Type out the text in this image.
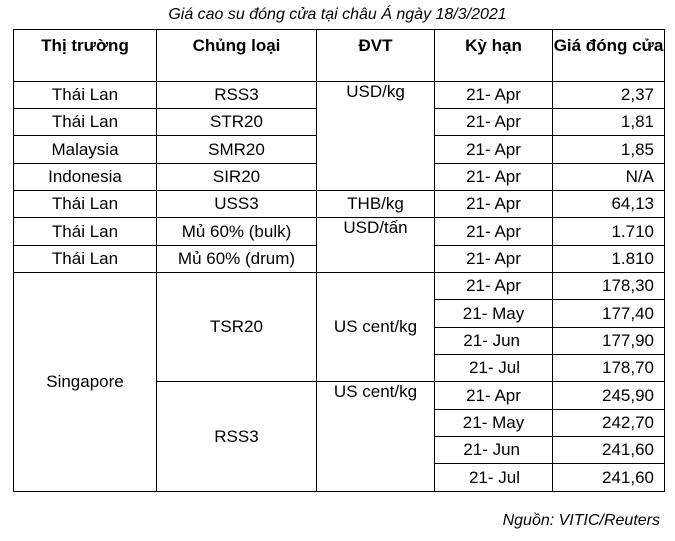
Giá cao su đóng cửa tại châu Á ngày 18/3/2021
Thị trường	Chủng loại	ĐVT	Kỳ hạn	Giá đóng cửa
Thái Lan	RSS3	USD/kg	21- Apr	2,37
Thái Lan	STR20		21- Apr	1,81
Malaysia	SMR20		21- Apr	1,85
Indonesia	SIR20		21- Apr	N/A
Thái Lan	USS3	THB/kg	21- Apr	64,13
Thái Lan	Mủ 60% (bulk)	USD/tấn	21- Apr	1.710
Thái Lan	Mủ 60% (drum)		21- Apr	1.810
Singapore	TSR20	US cent/kg	21- Apr	178,30
			21- May	177,40
			21- Jun	177,90
			21- Jul	178,70
	RSS3	US cent/kg	21- Apr	245,90
			21- May	242,70
			21- Jun	241,60
			21- Jul	241,60
Nguồn: VITIC/Reuters
